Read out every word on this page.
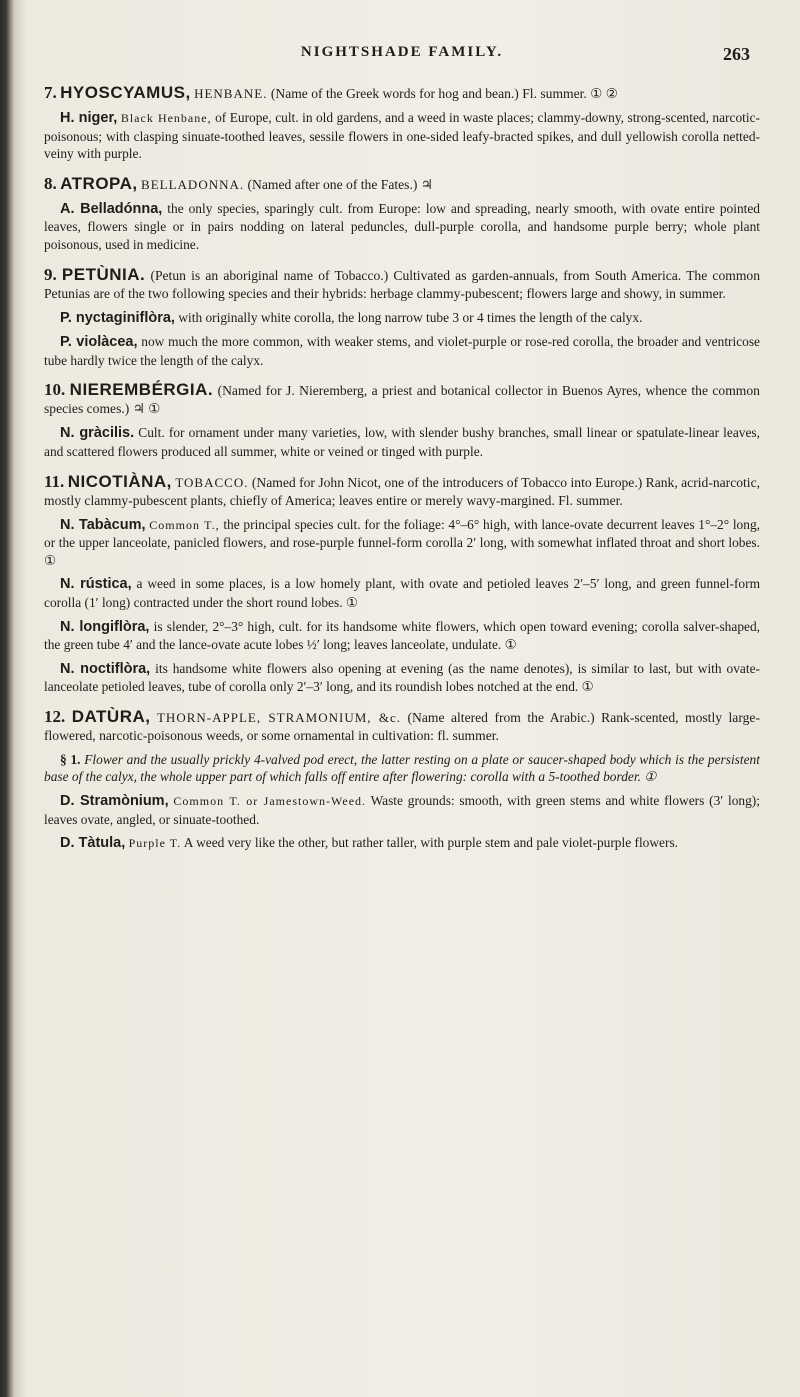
NIGHTSHADE FAMILY.	263

7. HYOSCYAMUS, HENBANE. (Name of the Greek words for hog and bean.) Fl. summer. ① ②

H. niger, Black Henbane, of Europe, cult. in old gardens, and a weed in waste places; clammy-downy, strong-scented, narcotic-poisonous; with clasping sinuate-toothed leaves, sessile flowers in one-sided leafy-bracted spikes, and dull yellowish corolla netted-veiny with purple.

8. ATROPA, BELLADONNA. (Named after one of the Fates.) ♃

A. Belladónna, the only species, sparingly cult. from Europe: low and spreading, nearly smooth, with ovate entire pointed leaves, flowers single or in pairs nodding on lateral peduncles, dull-purple corolla, and handsome purple berry; whole plant poisonous, used in medicine.

9. PETÙNIA. (Petun is an aboriginal name of Tobacco.) Cultivated as garden-annuals, from South America. The common Petunias are of the two following species and their hybrids: herbage clammy-pubescent; flowers large and showy, in summer.

P. nyctaginiflòra, with originally white corolla, the long narrow tube 3 or 4 times the length of the calyx.

P. violàcea, now much the more common, with weaker stems, and violet-purple or rose-red corolla, the broader and ventricose tube hardly twice the length of the calyx.

10. NIEREMBÉRGIA. (Named for J. Nieremberg, a priest and botanical collector in Buenos Ayres, whence the common species comes.) ♃ ①

N. gràcilis. Cult. for ornament under many varieties, low, with slender bushy branches, small linear or spatulate-linear leaves, and scattered flowers produced all summer, white or veined or tinged with purple.

11. NICOTIÀNA, TOBACCO. (Named for John Nicot, one of the introducers of Tobacco into Europe.) Rank, acrid-narcotic, mostly clammy-pubescent plants, chiefly of America; leaves entire or merely wavy-margined. Fl. summer.

N. Tabàcum, Common T., the principal species cult. for the foliage: 4°–6° high, with lance-ovate decurrent leaves 1°–2° long, or the upper lanceolate, panicled flowers, and rose-purple funnel-form corolla 2′ long, with somewhat inflated throat and short lobes. ①

N. rústica, a weed in some places, is a low homely plant, with ovate and petioled leaves 2′–5′ long, and green funnel-form corolla (1′ long) contracted under the short round lobes. ①

N. longiflòra, is slender, 2°–3° high, cult. for its handsome white flowers, which open toward evening; corolla salver-shaped, the green tube 4′ and the lance-ovate acute lobes ½′ long; leaves lanceolate, undulate. ①

N. noctiflòra, its handsome white flowers also opening at evening (as the name denotes), is similar to last, but with ovate-lanceolate petioled leaves, tube of corolla only 2′–3′ long, and its roundish lobes notched at the end. ①

12. DATÙRA, THORN-APPLE, STRAMONIUM, &c. (Name altered from the Arabic.) Rank-scented, mostly large-flowered, narcotic-poisonous weeds, or some ornamental in cultivation: fl. summer.

§ 1. Flower and the usually prickly 4-valved pod erect, the latter resting on a plate or saucer-shaped body which is the persistent base of the calyx, the whole upper part of which falls off entire after flowering: corolla with a 5-toothed border. ①

D. Stramònium, Common T. or Jamestown-Weed. Waste grounds: smooth, with green stems and white flowers (3′ long); leaves ovate, angled, or sinuate-toothed.

D. Tàtula, Purple T. A weed very like the other, but rather taller, with purple stem and pale violet-purple flowers.
